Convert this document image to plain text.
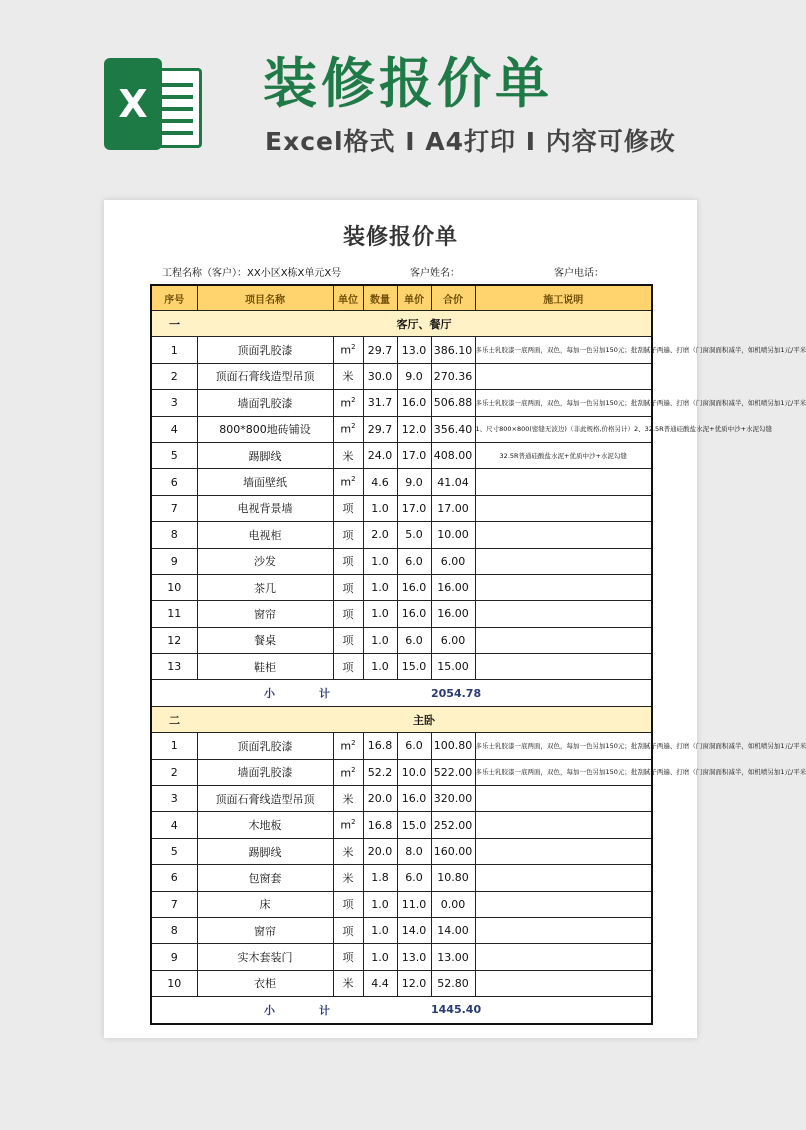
X 装修报价单
Excel格式 I A4打印 I 内容可修改
装修报价单
工程名称（客户）：XX小区X栋X单元X号	客户姓名：	客户电话：
序号	项目名称	单位	数量	单价	合价	施工说明
一	客厅、餐厅					
1	顶面乳胶漆	$m^2$	29.7	13.0	386.10	多乐士乳胶漆一底两面，双色，每加一色另加150元；批刮腻子两遍、打磨（门窗洞面积减半，如机喷另加1元/平米
2	顶面石膏线造型吊顶	米	30.0	9.0	270.36	
3	墙面乳胶漆	$m^2$	31.7	16.0	506.88	多乐士乳胶漆一底两面，双色，每加一色另加150元；批刮腻子两遍、打磨（门窗洞面积减半，如机喷另加1元/平米
4	800*800地砖铺设	$m^2$	29.7	12.0	356.40	1、尺寸800×800(密缝无波边)（非此规格,价格另计）2、32.5R普通硅酸盐水泥+优质中沙+水泥勾缝
5	踢脚线	米	24.0	17.0	408.00	32.5R普通硅酸盐水泥+优质中沙+水泥勾缝
6	墙面壁纸	$m^2$	4.6	9.0	41.04	
7	电视背景墙	项	1.0	17.0	17.00	
8	电视柜	项	2.0	5.0	10.00	
9	沙发	项	1.0	6.0	6.00	
10	茶几	项	1.0	16.0	16.00	
11	窗帘	项	1.0	16.0	16.00	
12	餐桌	项	1.0	6.0	6.00	
13	鞋柜	项	1.0	15.0	15.00	
	小 计				2054.78	
二	主卧					
1	顶面乳胶漆	$m^2$	16.8	6.0	100.80	多乐士乳胶漆一底两面，双色，每加一色另加150元；批刮腻子两遍、打磨（门窗洞面积减半，如机喷另加1元/平米
2	墙面乳胶漆	$m^2$	52.2	10.0	522.00	多乐士乳胶漆一底两面，双色，每加一色另加150元；批刮腻子两遍、打磨（门窗洞面积减半，如机喷另加1元/平米
3	顶面石膏线造型吊顶	米	20.0	16.0	320.00	
4	木地板	$m^2$	16.8	15.0	252.00	
5	踢脚线	米	20.0	8.0	160.00	
6	包窗套	米	1.8	6.0	10.80	
7	床	项	1.0	11.0	0.00	
8	窗帘	项	1.0	14.0	14.00	
9	实木套装门	项	1.0	13.0	13.00	
10	衣柜	米	4.4	12.0	52.80	
	小 计				1445.40	
